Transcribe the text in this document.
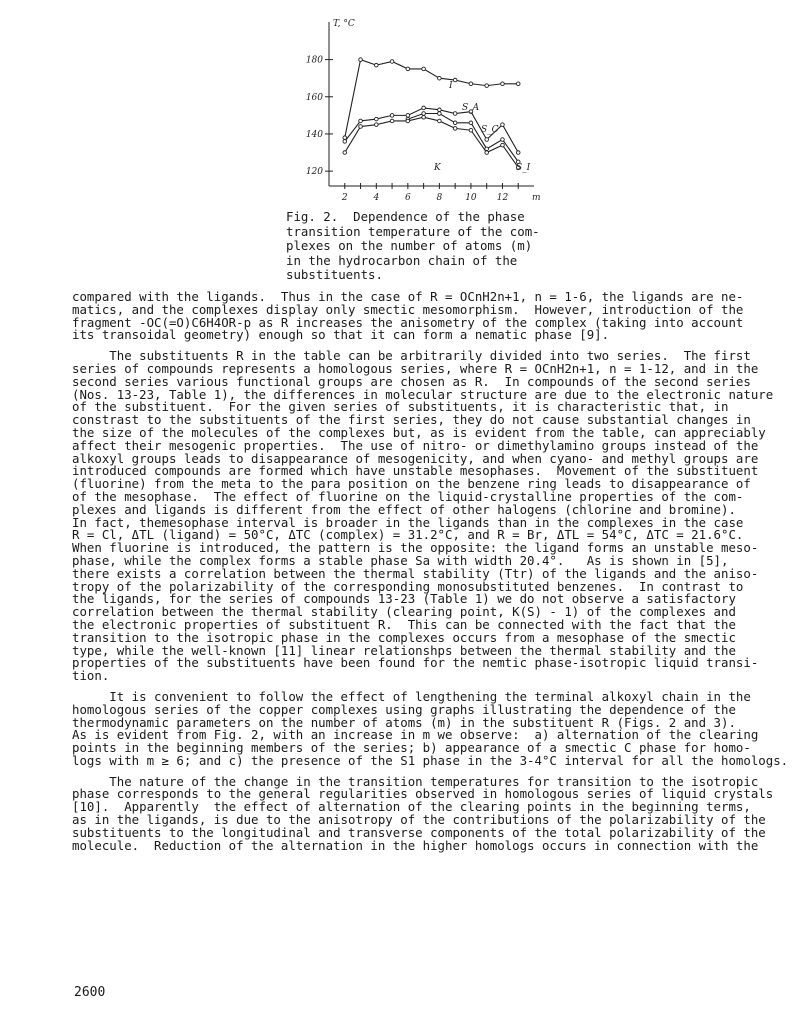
120
140
160
180
T, °C
2	4	6	8	10 12	m
I
S_A
S_C
S_I
K
Fig. 2.  Dependence of the phase
transition temperature of the com-
plexes on the number of atoms (m)
in the hydrocarbon chain of the
substituents.
compared with the ligands.  Thus in the case of R = OCnH2n+1, n = 1-6, the ligands are ne-
matics, and the complexes display only smectic mesomorphism.  However, introduction of the
fragment -OC(=O)C6H4OR-p as R increases the anisometry of the complex (taking into account
its transoidal geometry) enough so that it can form a nematic phase [9].
The substituents R in the table can be arbitrarily divided into two series.  The first
series of compounds represents a homologous series, where R = OCnH2n+1, n = 1-12, and in the
second series various functional groups are chosen as R.  In compounds of the second series
(Nos. 13-23, Table 1), the differences in molecular structure are due to the electronic nature
of the substituent.  For the given series of substituents, it is characteristic that, in
constrast to the substituents of the first series, they do not cause substantial changes in
the size of the molecules of the complexes but, as is evident from the table, can appreciably
affect their mesogenic properties.  The use of nitro- or dimethylamino groups instead of the
alkoxyl groups leads to disappearance of mesogenicity, and when cyano- and methyl groups are
introduced compounds are formed which have unstable mesophases.  Movement of the substituent
(fluorine) from the meta to the para position on the benzene ring leads to disappearance of
of the mesophase.  The effect of fluorine on the liquid-crystalline properties of the com-
plexes and ligands is different from the effect of other halogens (chlorine and bromine).
In fact, themesophase interval is broader in the ligands than in the complexes in the case
R = Cl, ΔTL (ligand) = 50°C, ΔTC (complex) = 31.2°C, and R = Br, ΔTL = 54°C, ΔTC = 21.6°C.
When fluorine is introduced, the pattern is the opposite: the ligand forms an unstable meso-
phase, while the complex forms a stable phase Sa with width 20.4°.   As is shown in [5],
there exists a correlation between the thermal stability (Ttr) of the ligands and the aniso-
tropy of the polarizability of the corresponding monosubstituted benzenes.  In contrast to
the ligands, for the series of compounds 13-23 (Table 1) we do not observe a satisfactory
correlation between the thermal stability (clearing point, K(S) - 1) of the complexes and
the electronic properties of substituent R.  This can be connected with the fact that the
transition to the isotropic phase in the complexes occurs from a mesophase of the smectic
type, while the well-known [11] linear relationshps between the thermal stability and the
properties of the substituents have been found for the nemtic phase-isotropic liquid transi-
tion.
It is convenient to follow the effect of lengthening the terminal alkoxyl chain in the
homologous series of the copper complexes using graphs illustrating the dependence of the
thermodynamic parameters on the number of atoms (m) in the substituent R (Figs. 2 and 3).
As is evident from Fig. 2, with an increase in m we observe:  a) alternation of the clearing
points in the beginning members of the series; b) appearance of a smectic C phase for homo-
logs with m ≥ 6; and c) the presence of the S1 phase in the 3-4°C interval for all the homologs.
The nature of the change in the transition temperatures for transition to the isotropic
phase corresponds to the general regularities observed in homologous series of liquid crystals
[10].  Apparently  the effect of alternation of the clearing points in the beginning terms,
as in the ligands, is due to the anisotropy of the contributions of the polarizability of the
substituents to the longitudinal and transverse components of the total polarizability of the
molecule.  Reduction of the alternation in the higher homologs occurs in connection with the
2600
